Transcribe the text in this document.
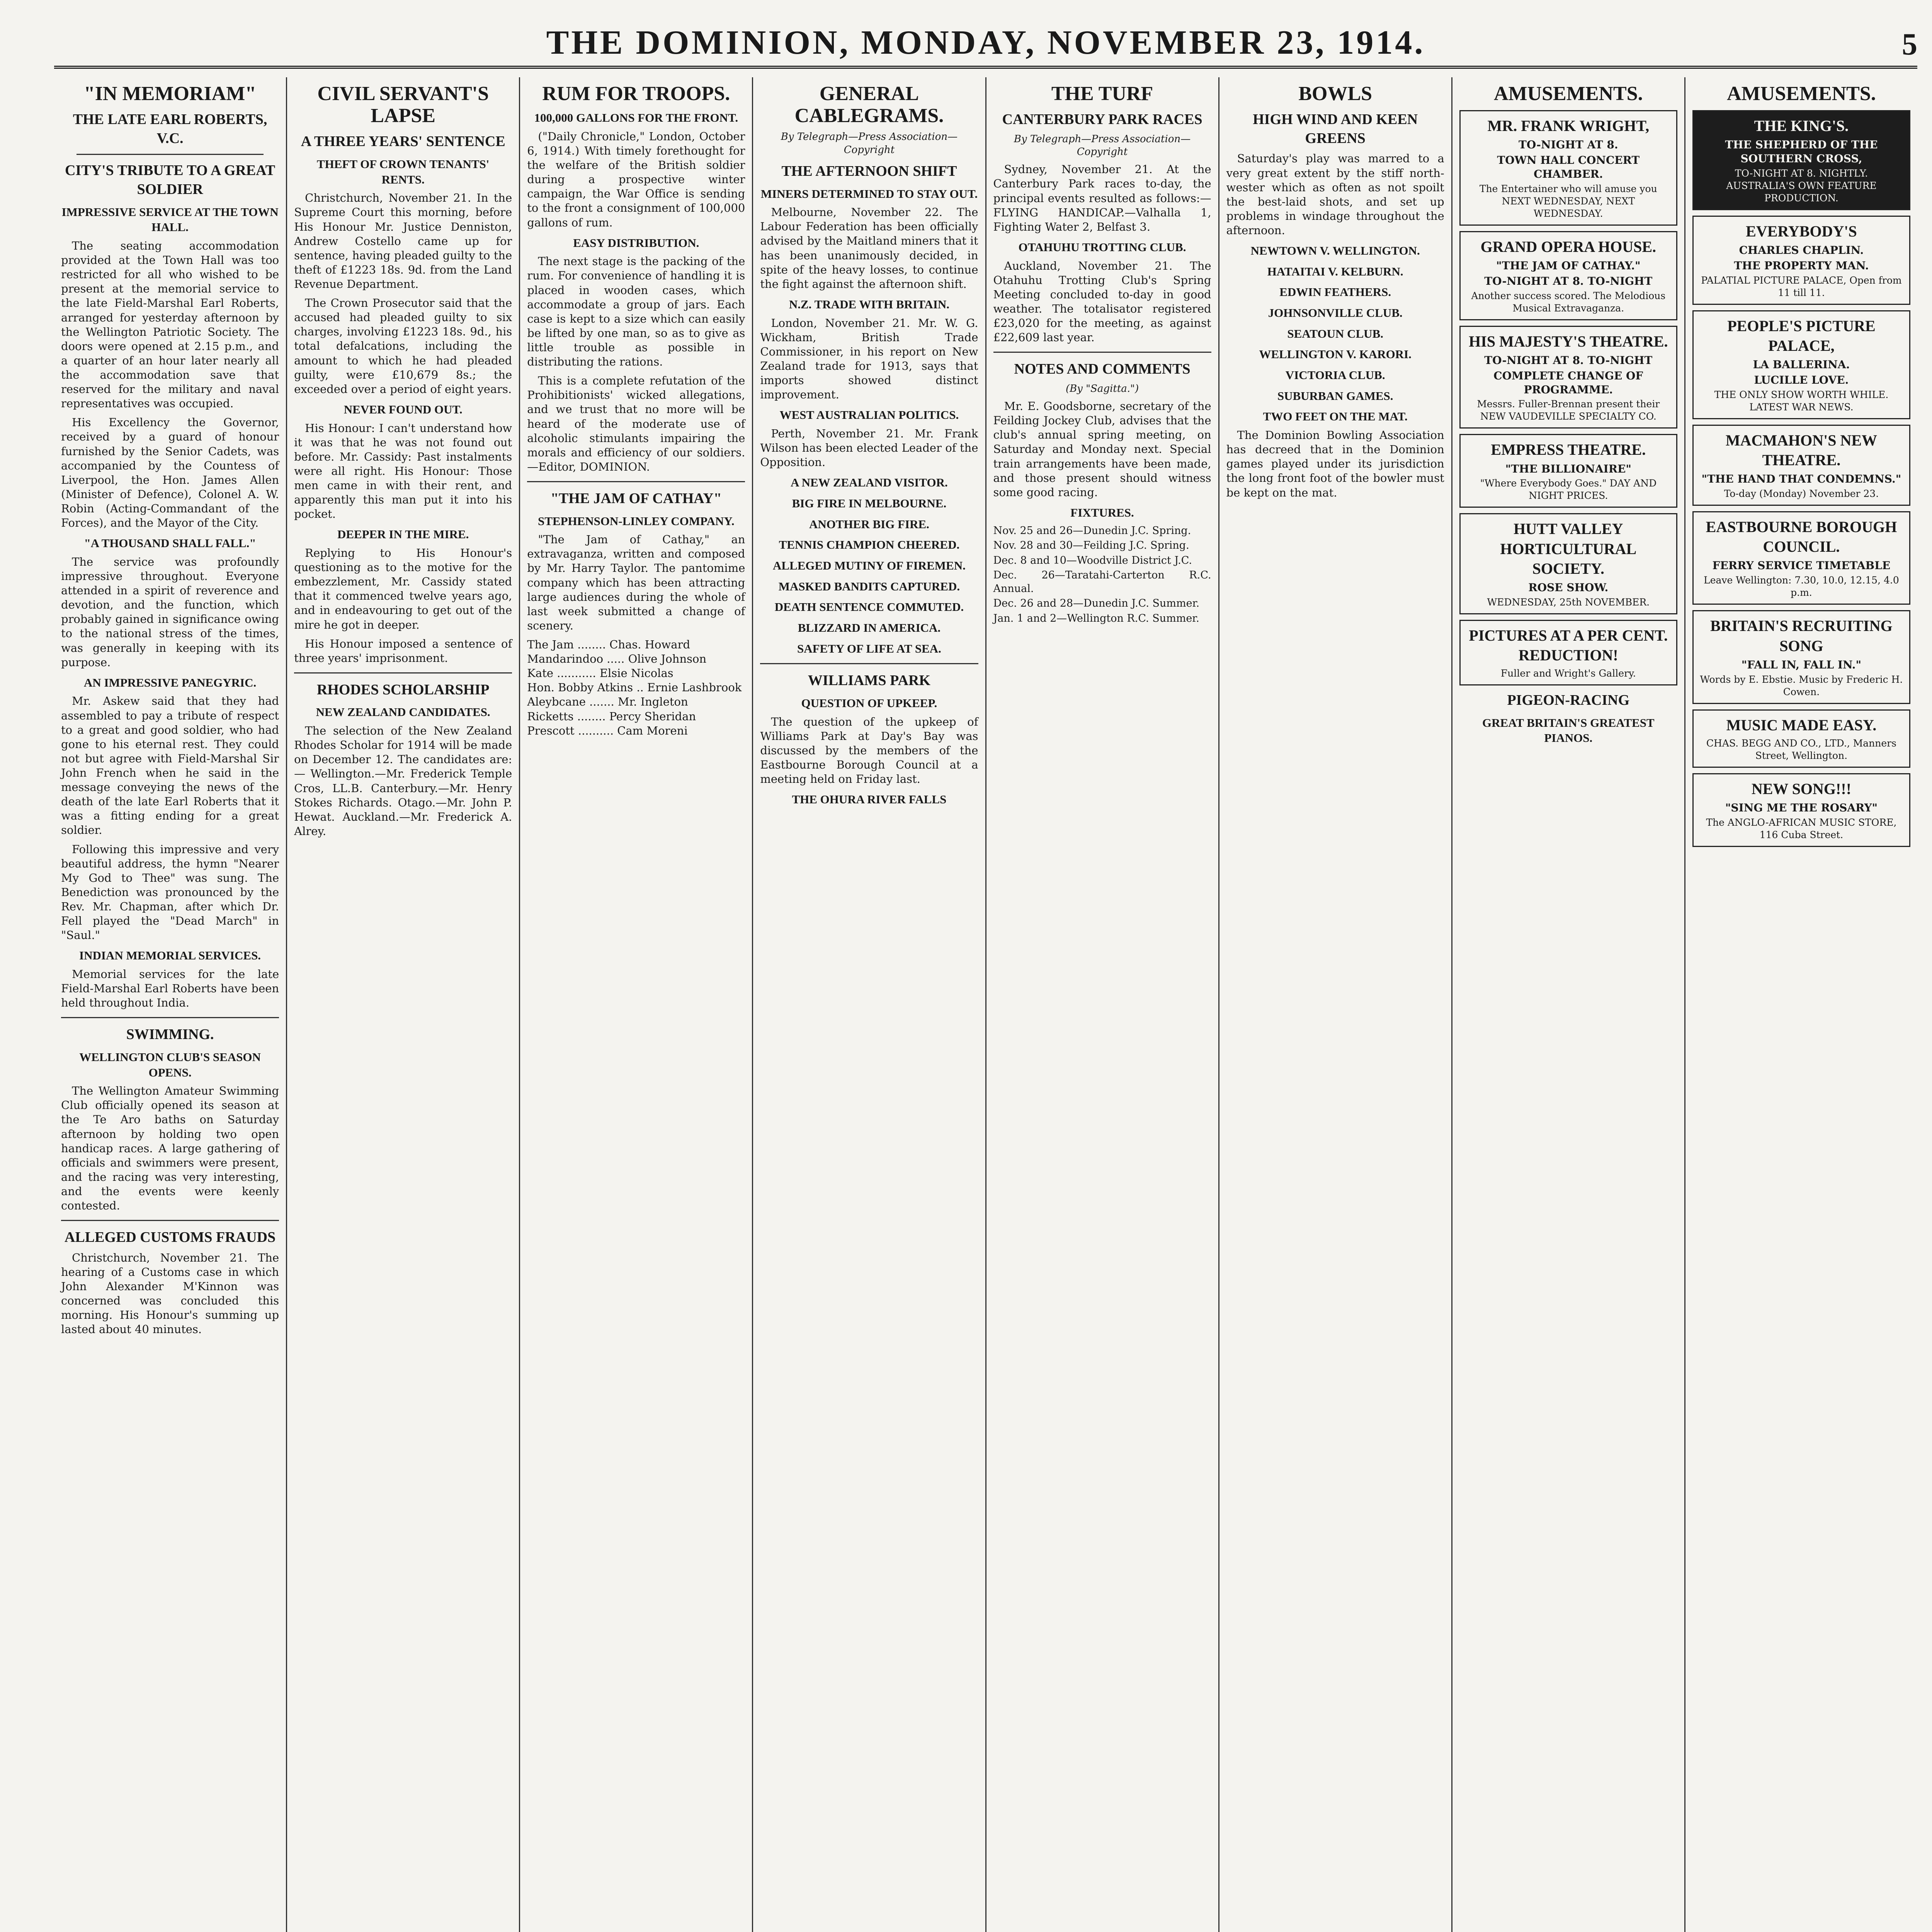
THE DOMINION, MONDAY, NOVEMBER 23, 1914.	5
"IN MEMORIAM"
THE LATE EARL ROBERTS, V.C.
CITY'S TRIBUTE TO A GREAT SOLDIER
IMPRESSIVE SERVICE AT THE TOWN HALL.

The seating accommodation provided at the Town Hall was too restricted for all who wished to be present at the memorial service to the late Field-Marshal Earl Roberts, arranged for yesterday afternoon by the Wellington Patriotic Society. The doors were opened at 2.15 p.m., and a quarter of an hour later nearly all the accommodation save that reserved for the military and naval representatives was occupied.

His Excellency the Governor, received by a guard of honour furnished by the Senior Cadets, was accompanied by the Countess of Liverpool, the Hon. James Allen (Minister of Defence), Colonel A. W. Robin (Acting-Commandant of the Forces), and the Mayor of the City.

"A THOUSAND SHALL FALL."

The service was profoundly impressive throughout. Everyone attended in a spirit of reverence and devotion, and the function, which probably gained in significance owing to the national stress of the times, was generally in keeping with its purpose.

AN IMPRESSIVE PANEGYRIC.

Mr. Askew said that they had assembled to pay a tribute of respect to a great and good soldier, who had gone to his eternal rest. They could not but agree with Field-Marshal Sir John French when he said in the message conveying the news of the death of the late Earl Roberts that it was a fitting ending for a great soldier.

Following this impressive and very beautiful address, the hymn "Nearer My God to Thee" was sung. The Benediction was pronounced by the Rev. Mr. Chapman, after which Dr. Fell played the "Dead March" in "Saul."

INDIAN MEMORIAL SERVICES.

Memorial services for the late Field-Marshal Earl Roberts have been held throughout India.

SWIMMING.
WELLINGTON CLUB'S SEASON OPENS.

The Wellington Amateur Swimming Club officially opened its season at the Te Aro baths on Saturday afternoon by holding two open handicap races. A large gathering of officials and swimmers were present, and the racing was very interesting, and the events were keenly contested.

ALLEGED CUSTOMS FRAUDS

Christchurch, November 21. The hearing of a Customs case in which John Alexander M'Kinnon was concerned was concluded this morning. His Honour's summing up lasted about 40 minutes.

CIVIL SERVANT'S LAPSE
A THREE YEARS' SENTENCE
THEFT OF CROWN TENANTS' RENTS.

Christchurch, November 21. In the Supreme Court this morning, before His Honour Mr. Justice Denniston, Andrew Costello came up for sentence, having pleaded guilty to the theft of £1223 18s. 9d. from the Land Revenue Department.

The Crown Prosecutor said that the accused had pleaded guilty to six charges, involving £1223 18s. 9d., his total defalcations, including the amount to which he had pleaded guilty, were £10,679 8s.; the exceeded over a period of eight years.

NEVER FOUND OUT.

His Honour: I can't understand how it was that he was not found out before. Mr. Cassidy: Past instalments were all right. His Honour: Those men came in with their rent, and apparently this man put it into his pocket.

DEEPER IN THE MIRE.

Replying to His Honour's questioning as to the motive for the embezzlement, Mr. Cassidy stated that it commenced twelve years ago, and in endeavouring to get out of the mire he got in deeper.

His Honour imposed a sentence of three years' imprisonment.

RHODES SCHOLARSHIP
NEW ZEALAND CANDIDATES.

The selection of the New Zealand Rhodes Scholar for 1914 will be made on December 12. The candidates are:— Wellington.—Mr. Frederick Temple Cros, LL.B. Canterbury.—Mr. Henry Stokes Richards. Otago.—Mr. John P. Hewat. Auckland.—Mr. Frederick A. Alrey.

RUM FOR TROOPS.
100,000 GALLONS FOR THE FRONT.

("Daily Chronicle," London, October 6, 1914.) With timely forethought for the welfare of the British soldier during a prospective winter campaign, the War Office is sending to the front a consignment of 100,000 gallons of rum.

EASY DISTRIBUTION.

The next stage is the packing of the rum. For convenience of handling it is placed in wooden cases, which accommodate a group of jars. Each case is kept to a size which can easily be lifted by one man, so as to give as little trouble as possible in distributing the rations.

This is a complete refutation of the Prohibitionists' wicked allegations, and we trust that no more will be heard of the moderate use of alcoholic stimulants impairing the morals and efficiency of our soldiers.—Editor, DOMINION.

"THE JAM OF CATHAY"
STEPHENSON-LINLEY COMPANY.

"The Jam of Cathay," an extravaganza, written and composed by Mr. Harry Taylor. The pantomime company which has been attracting large audiences during the whole of last week submitted a change of scenery.

The Jam ........ Chas. Howard
Mandarindoo ..... Olive Johnson
Kate ........... Elsie Nicolas
Hon. Bobby Atkins .. Ernie Lashbrook
Aleybcane ....... Mr. Ingleton
Ricketts ........ Percy Sheridan
Prescott .......... Cam Moreni
GENERAL CABLEGRAMS.
By Telegraph—Press Association—Copyright
THE AFTERNOON SHIFT
MINERS DETERMINED TO STAY OUT.

Melbourne, November 22. The Labour Federation has been officially advised by the Maitland miners that it has been unanimously decided, in spite of the heavy losses, to continue the fight against the afternoon shift.

N.Z. TRADE WITH BRITAIN.

London, November 21. Mr. W. G. Wickham, British Trade Commissioner, in his report on New Zealand trade for 1913, says that imports showed distinct improvement.

WEST AUSTRALIAN POLITICS.

Perth, November 21. Mr. Frank Wilson has been elected Leader of the Opposition.

A NEW ZEALAND VISITOR.
BIG FIRE IN MELBOURNE.
ANOTHER BIG FIRE.
TENNIS CHAMPION CHEERED.
ALLEGED MUTINY OF FIREMEN.
MASKED BANDITS CAPTURED.
DEATH SENTENCE COMMUTED.
BLIZZARD IN AMERICA.
SAFETY OF LIFE AT SEA.
WILLIAMS PARK
QUESTION OF UPKEEP.

The question of the upkeep of Williams Park at Day's Bay was discussed by the members of the Eastbourne Borough Council at a meeting held on Friday last.

THE OHURA RIVER FALLS
THE TURF
CANTERBURY PARK RACES
By Telegraph—Press Association—Copyright

Sydney, November 21. At the Canterbury Park races to-day, the principal events resulted as follows:— FLYING HANDICAP.—Valhalla 1, Fighting Water 2, Belfast 3.

OTAHUHU TROTTING CLUB.

Auckland, November 21. The Otahuhu Trotting Club's Spring Meeting concluded to-day in good weather. The totalisator registered £23,020 for the meeting, as against £22,609 last year.

NOTES AND COMMENTS
(By "Sagitta.")

Mr. E. Goodsborne, secretary of the Feilding Jockey Club, advises that the club's annual spring meeting, on Saturday and Monday next. Special train arrangements have been made, and those present should witness some good racing.

FIXTURES.

Nov. 25 and 26—Dunedin J.C. Spring.

Nov. 28 and 30—Feilding J.C. Spring.

Dec. 8 and 10—Woodville District J.C.

Dec. 26—Taratahi-Carterton R.C. Annual.

Dec. 26 and 28—Dunedin J.C. Summer.

Jan. 1 and 2—Wellington R.C. Summer.

BOWLS
HIGH WIND AND KEEN GREENS

Saturday's play was marred to a very great extent by the stiff north-wester which as often as not spoilt the best-laid shots, and set up problems in windage throughout the afternoon.

NEWTOWN V. WELLINGTON.
HATAITAI V. KELBURN.
EDWIN FEATHERS.
JOHNSONVILLE CLUB.
SEATOUN CLUB.
WELLINGTON V. KARORI.
VICTORIA CLUB.
SUBURBAN GAMES.
TWO FEET ON THE MAT.

The Dominion Bowling Association has decreed that in the Dominion games played under its jurisdiction the long front foot of the bowler must be kept on the mat.

AMUSEMENTS.
MR. FRANK WRIGHT,
TO-NIGHT AT 8.
TOWN HALL CONCERT CHAMBER.
The Entertainer who will amuse you NEXT WEDNESDAY, NEXT WEDNESDAY.
GRAND OPERA HOUSE.
"THE JAM OF CATHAY."
TO-NIGHT AT 8. TO-NIGHT
Another success scored. The Melodious Musical Extravaganza.
HIS MAJESTY'S THEATRE.
TO-NIGHT AT 8. TO-NIGHT
COMPLETE CHANGE OF PROGRAMME.
Messrs. Fuller-Brennan present their NEW VAUDEVILLE SPECIALTY CO.
EMPRESS THEATRE.
"THE BILLIONAIRE"
"Where Everybody Goes." DAY AND NIGHT PRICES.
HUTT VALLEY HORTICULTURAL SOCIETY.
ROSE SHOW.
WEDNESDAY, 25th NOVEMBER.
PICTURES AT A PER CENT. REDUCTION!
Fuller and Wright's Gallery.
PIGEON-RACING
GREAT BRITAIN'S GREATEST PIANOS.
AMUSEMENTS.
THE KING'S.
THE SHEPHERD OF THE SOUTHERN CROSS,
TO-NIGHT AT 8. NIGHTLY. AUSTRALIA'S OWN FEATURE PRODUCTION.
EVERYBODY'S
CHARLES CHAPLIN.
THE PROPERTY MAN.
PALATIAL PICTURE PALACE, Open from 11 till 11.
PEOPLE'S PICTURE PALACE,
LA BALLERINA.
LUCILLE LOVE.
THE ONLY SHOW WORTH WHILE. LATEST WAR NEWS.
MACMAHON'S NEW THEATRE.
"THE HAND THAT CONDEMNS."
To-day (Monday) November 23.
EASTBOURNE BOROUGH COUNCIL.
FERRY SERVICE TIMETABLE
Leave Wellington: 7.30, 10.0, 12.15, 4.0 p.m.
BRITAIN'S RECRUITING SONG
"FALL IN, FALL IN."
Words by E. Ebstie. Music by Frederic H. Cowen.
MUSIC MADE EASY.
CHAS. BEGG AND CO., LTD., Manners Street, Wellington.
NEW SONG!!!
"SING ME THE ROSARY"
The ANGLO-AFRICAN MUSIC STORE, 116 Cuba Street.
